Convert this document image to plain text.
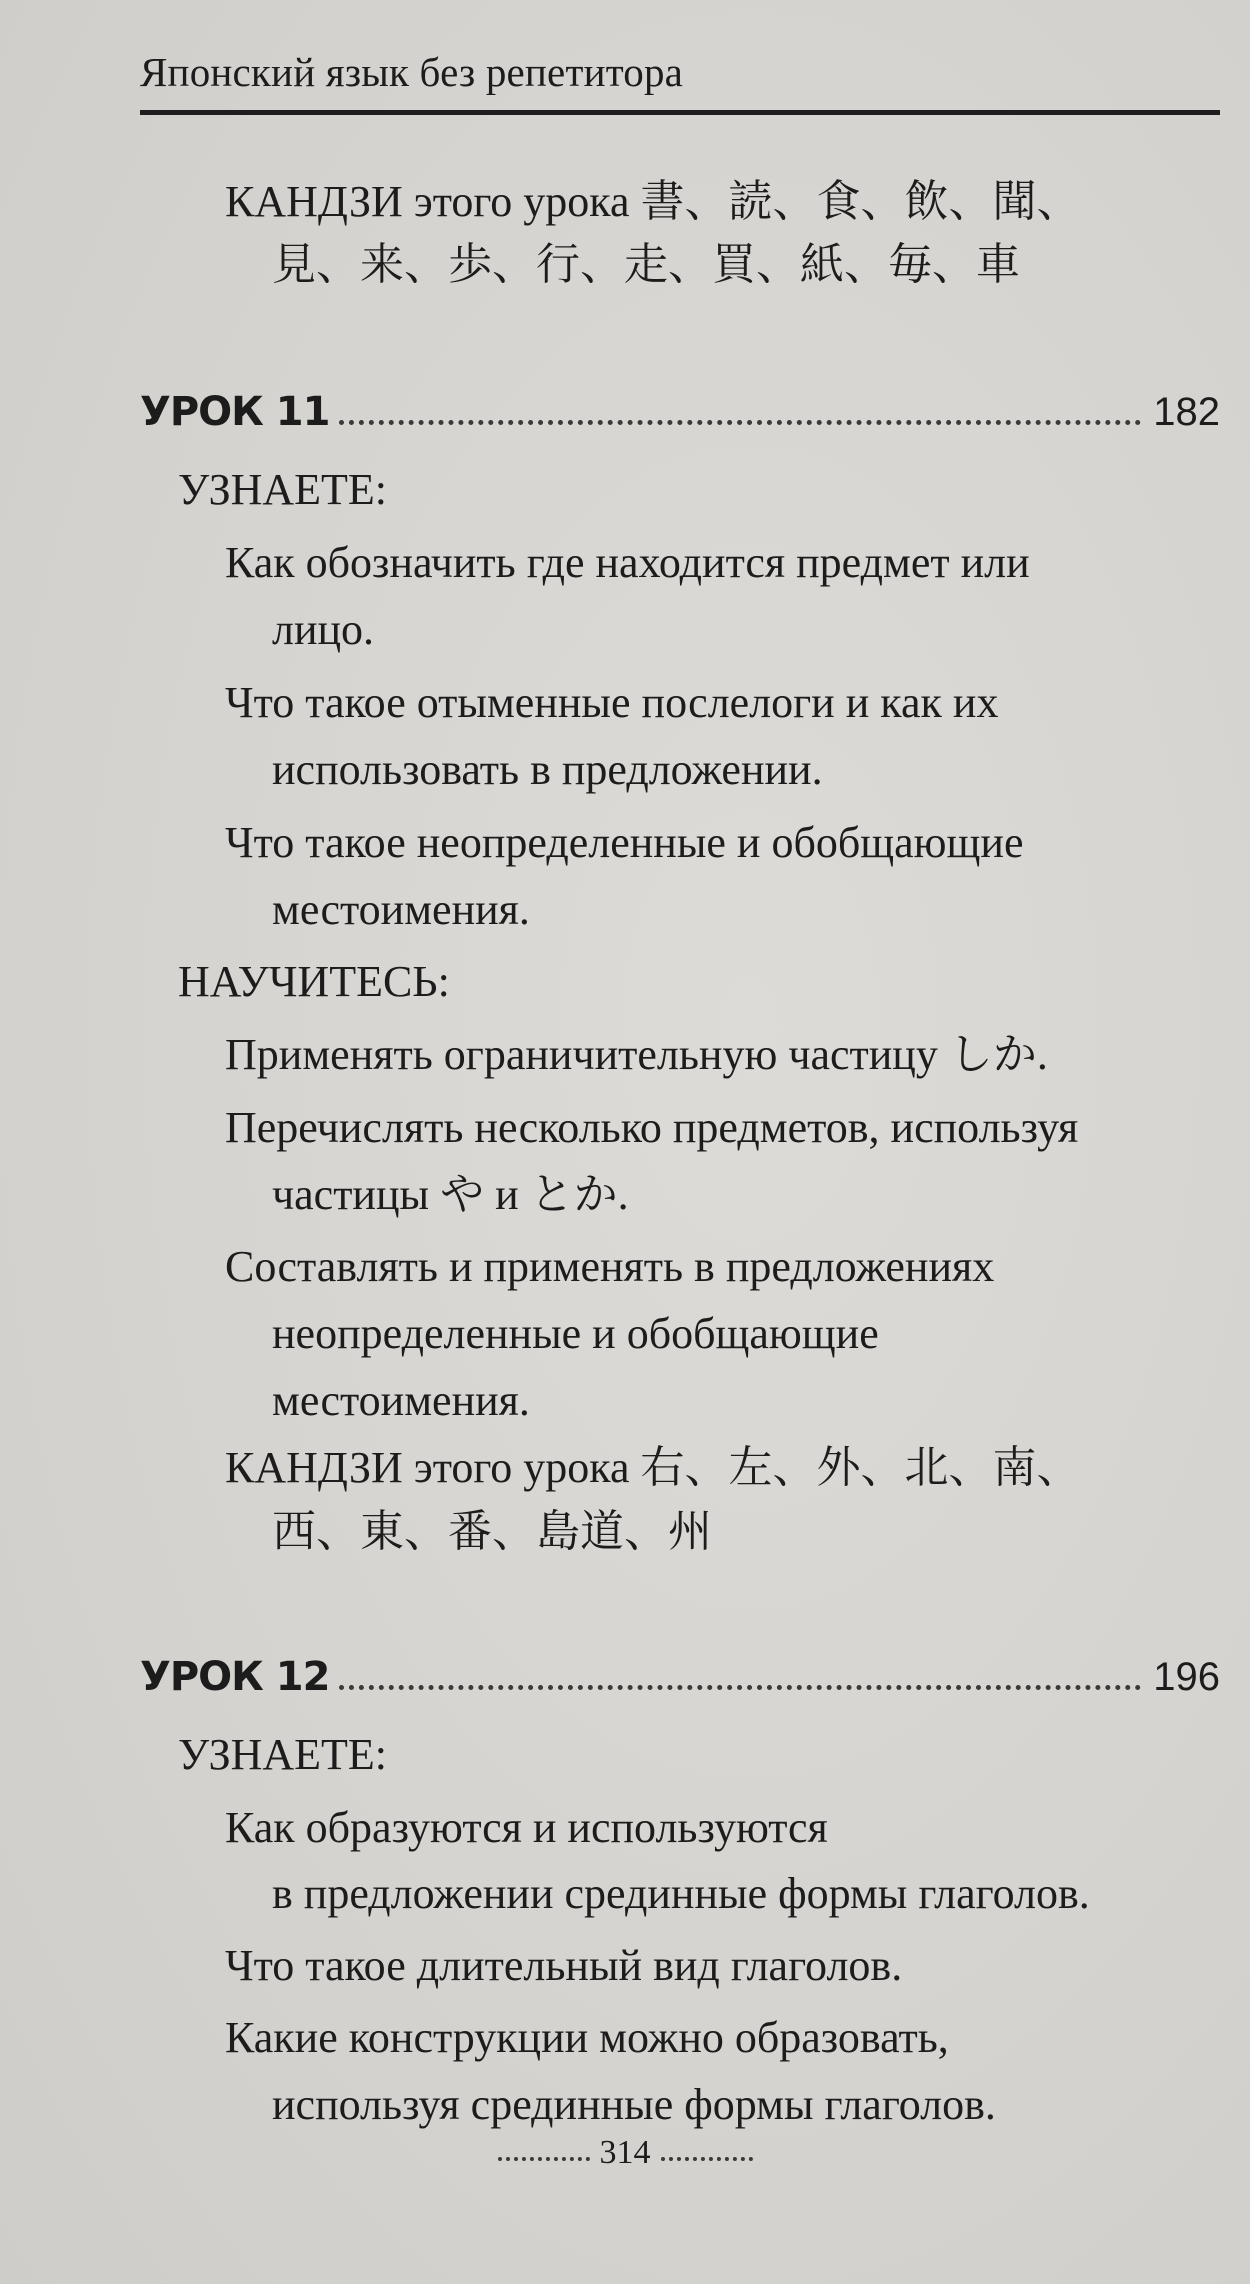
Японский язык без репетитора
КАНДЗИ этого урока 書、読、食、飲、聞、
見、来、歩、行、走、買、紙、毎、車
УРОК 11	182
УЗНАЕТЕ:
Как обозначить где находится предмет или
лицо.
Что такое отыменные послелоги и как их
использовать в предложении.
Что такое неопределенные и обобщающие
местоимения.
НАУЧИТЕСЬ:
Применять ограничительную частицу しか.
Перечислять несколько предметов, используя
частицы や и とか.
Составлять и применять в предложениях
неопределенные и обобщающие
местоимения.
КАНДЗИ этого урока 右、左、外、北、南、
西、東、番、島道、州
УРОК 12	196
УЗНАЕТЕ:
Как образуются и используются
в предложении срединные формы глаголов.
Что такое длительный вид глаголов.
Какие конструкции можно образовать,
используя срединные формы глаголов.
314
